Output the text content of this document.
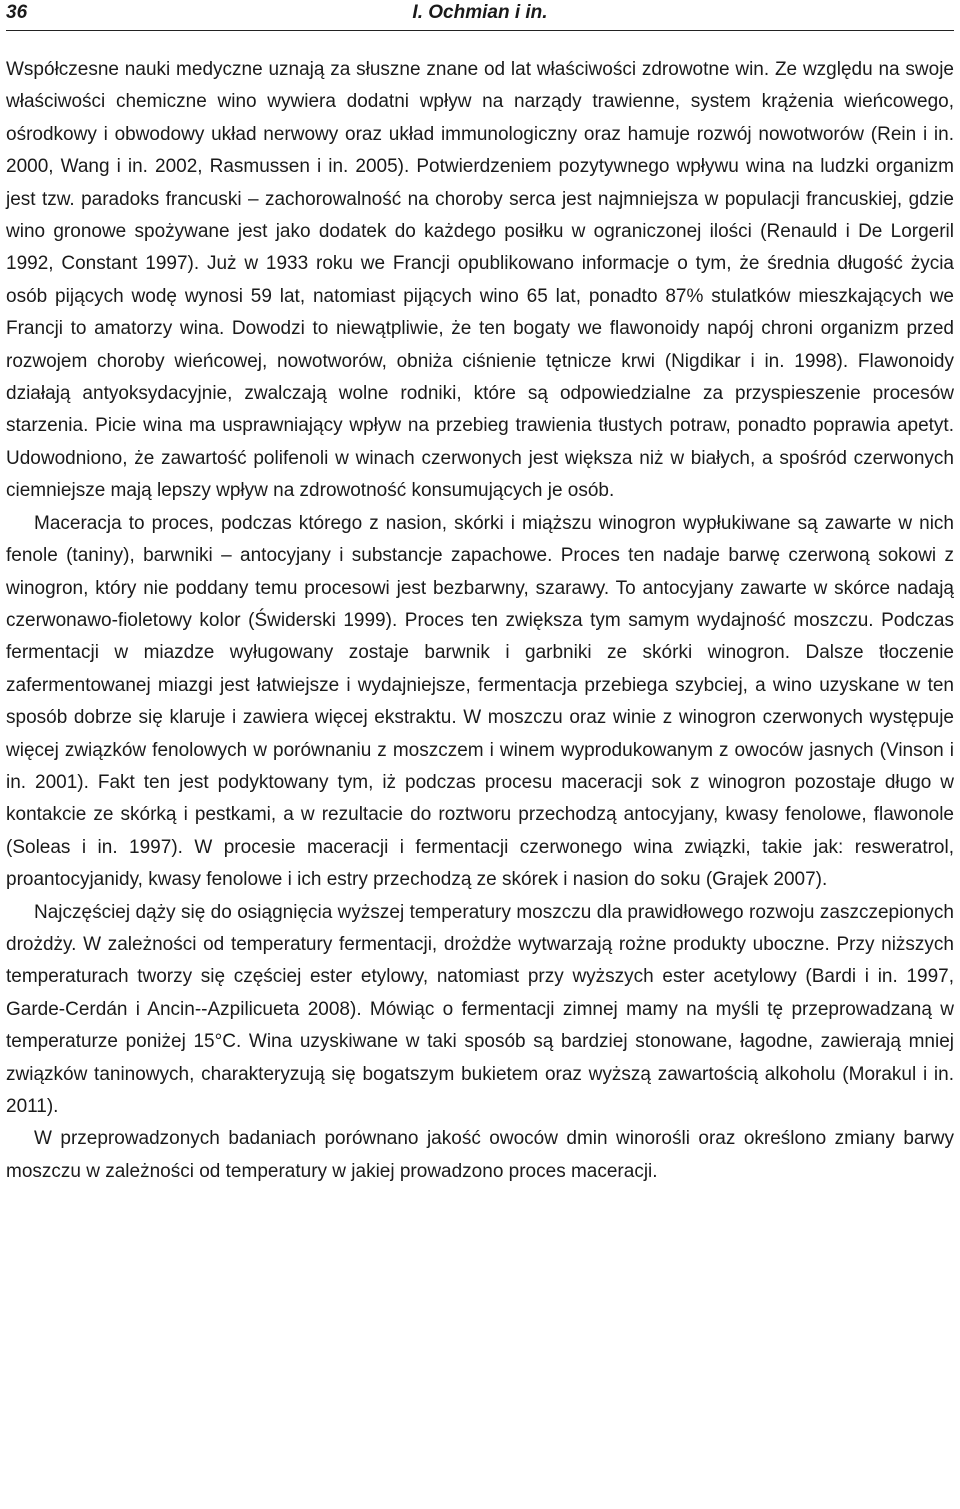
36	I. Ochmian i in.

Współczesne nauki medyczne uznają za słuszne znane od lat właściwości zdrowotne win. Ze względu na swoje właściwości chemiczne wino wywiera dodatni wpływ na narządy trawienne, system krążenia wieńcowego, ośrodkowy i obwodowy układ nerwowy oraz układ immunologiczny oraz hamuje rozwój nowotworów (Rein i in. 2000, Wang i in. 2002, Rasmussen i in. 2005). Potwierdzeniem pozytywnego wpływu wina na ludzki organizm jest tzw. paradoks francuski – zachorowalność na choroby serca jest najmniejsza w populacji francuskiej, gdzie wino gronowe spożywane jest jako dodatek do każdego posiłku w ograniczonej ilości (Renauld i De Lorgeril 1992, Constant 1997). Już w 1933 roku we Francji opublikowano informacje o tym, że średnia długość życia osób pijących wodę wynosi 59 lat, natomiast pijących wino 65 lat, ponadto 87% stulatków mieszkających we Francji to amatorzy wina. Dowodzi to niewątpliwie, że ten bogaty we flawonoidy napój chroni organizm przed rozwojem choroby wieńcowej, nowotworów, obniża ciśnienie tętnicze krwi (Nigdikar i in. 1998). Flawonoidy działają antyoksydacyjnie, zwalczają wolne rodniki, które są odpowiedzialne za przyspieszenie procesów starzenia. Picie wina ma usprawniający wpływ na przebieg trawienia tłustych potraw, ponadto poprawia apetyt. Udowodniono, że zawartość polifenoli w winach czerwonych jest większa niż w białych, a spośród czerwonych ciemniejsze mają lepszy wpływ na zdrowotność konsumujących je osób.

Maceracja to proces, podczas którego z nasion, skórki i miąższu winogron wypłukiwane są zawarte w nich fenole (taniny), barwniki – antocyjany i substancje zapachowe. Proces ten nadaje barwę czerwoną sokowi z winogron, który nie poddany temu procesowi jest bezbarwny, szarawy. To antocyjany zawarte w skórce nadają czerwonawo-fioletowy kolor (Świderski 1999). Proces ten zwiększa tym samym wydajność moszczu. Podczas fermentacji w miazdze wyługowany zostaje barwnik i garbniki ze skórki winogron. Dalsze tłoczenie zafermentowanej miazgi jest łatwiejsze i wydajniejsze, fermentacja przebiega szybciej, a wino uzyskane w ten sposób dobrze się klaruje i zawiera więcej ekstraktu. W moszczu oraz winie z winogron czerwonych występuje więcej związków fenolowych w porównaniu z moszczem i winem wyprodukowanym z owoców jasnych (Vinson i in. 2001). Fakt ten jest podyktowany tym, iż podczas procesu maceracji sok z winogron pozostaje długo w kontakcie ze skórką i pestkami, a w rezultacie do roztworu przechodzą antocyjany, kwasy fenolowe, flawonole (Soleas i in. 1997). W procesie maceracji i fermentacji czerwonego wina związki, takie jak: resweratrol, proantocyjanidy, kwasy fenolowe i ich estry przechodzą ze skórek i nasion do soku (Grajek 2007).

Najczęściej dąży się do osiągnięcia wyższej temperatury moszczu dla prawidłowego rozwoju zaszczepionych drożdży. W zależności od temperatury fermentacji, drożdże wytwarzają rożne produkty uboczne. Przy niższych temperaturach tworzy się częściej ester etylowy, natomiast przy wyższych ester acetylowy (Bardi i in. 1997, Garde-Cerdán i Ancin-‑Azpilicueta 2008). Mówiąc o fermentacji zimnej mamy na myśli tę przeprowadzaną w temperaturze poniżej 15°C. Wina uzyskiwane w taki sposób są bardziej stonowane, łagodne, zawierają mniej związków taninowych, charakteryzują się bogatszym bukietem oraz wyższą zawartością alkoholu (Morakul i in. 2011).

W przeprowadzonych badaniach porównano jakość owoców dmin winorośli oraz określono zmiany barwy moszczu w zależności od temperatury w jakiej prowadzono proces maceracji.
